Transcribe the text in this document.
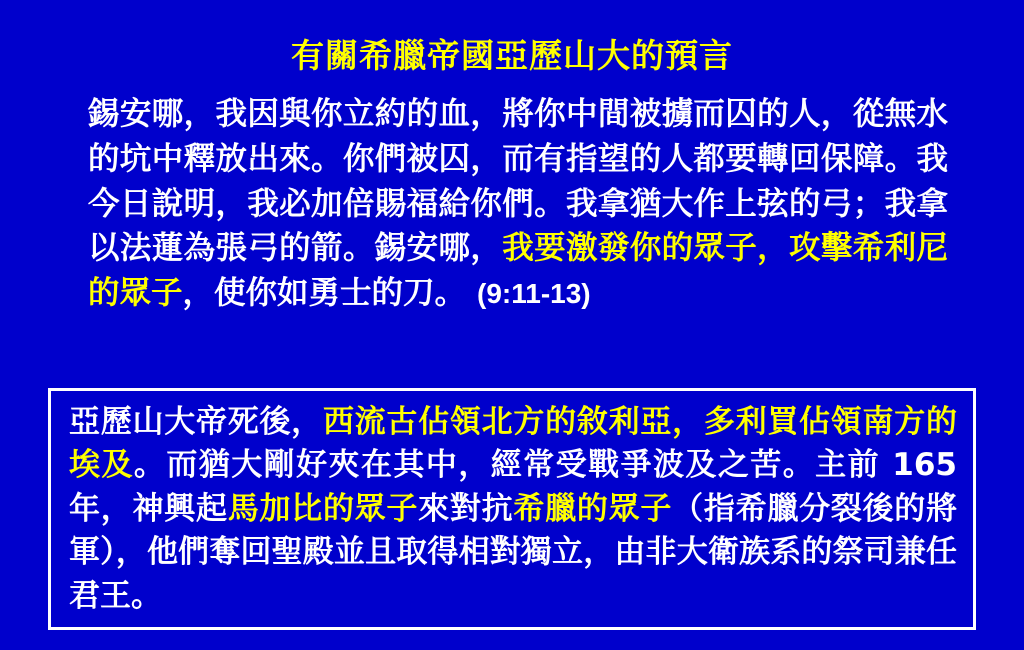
有關希臘帝國亞歷山大的預言
錫安哪，我因與你立約的血，將你中間被擄而囚的人，從無水的坑中釋放出來。你們被囚，而有指望的人都要轉回保障。我今日說明，我必加倍賜福給你們。我拿猶大作上弦的弓；我拿以法蓮為張弓的箭。錫安哪，我要激發你的眾子，攻擊希利尼的眾子，使你如勇士的刀。 (9:11-13)
亞歷山大帝死後，西流古佔領北方的敘利亞，多利買佔領南方的埃及。而猶大剛好夾在其中，經常受戰爭波及之苦。主前 165年，神興起馬加比的眾子來對抗希臘的眾子（指希臘分裂後的將軍），他們奪回聖殿並且取得相對獨立，由非大衛族系的祭司兼任君王。
